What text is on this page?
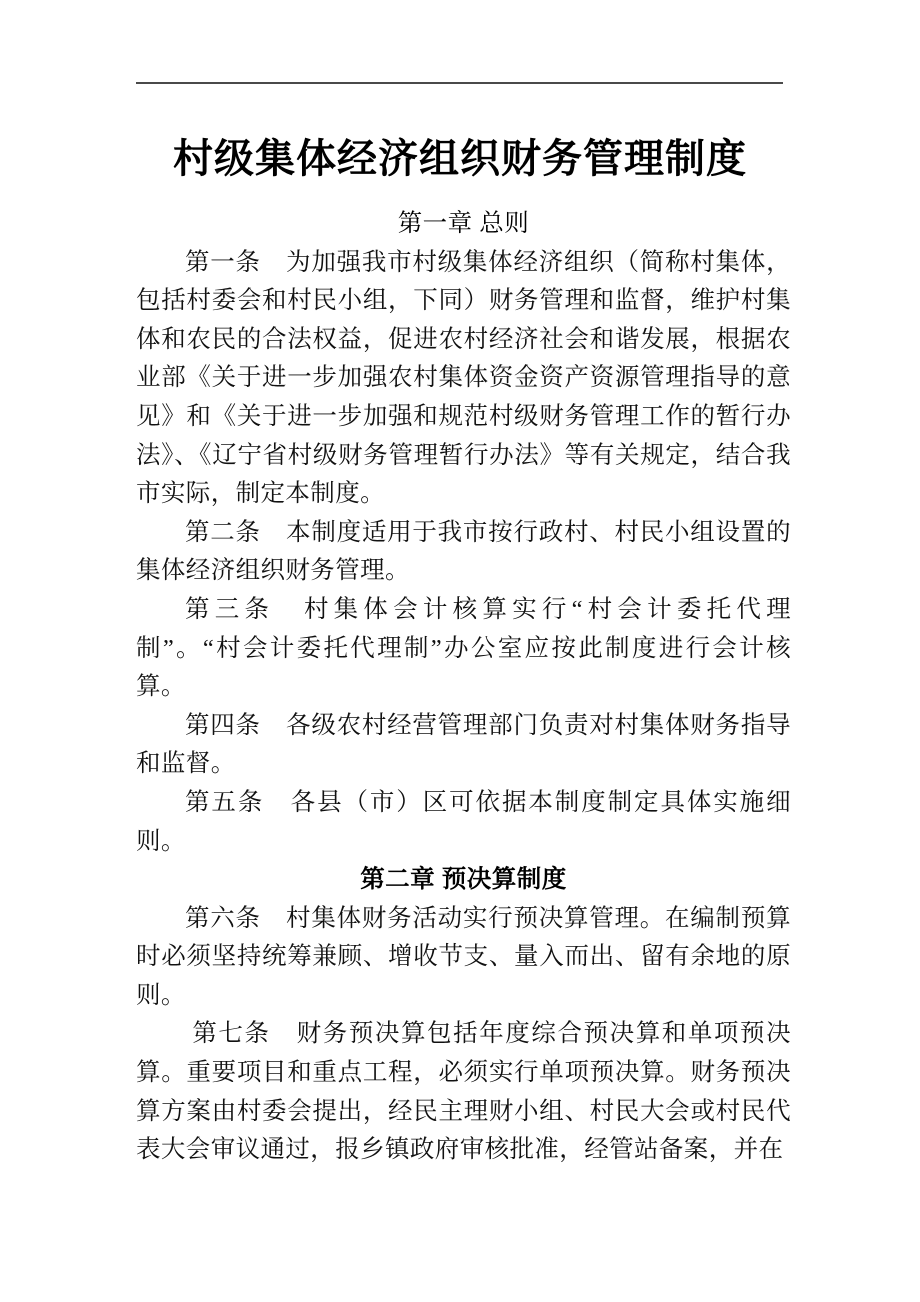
村级集体经济组织财务管理制度

第一章 总则

第一条　为加强我市村级集体经济组织（简称村集体，包括村委会和村民小组，下同）财务管理和监督，维护村集体和农民的合法权益，促进农村经济社会和谐发展，根据农业部《关于进一步加强农村集体资金资产资源管理指导的意见》和《关于进一步加强和规范村级财务管理工作的暂行办法》、《辽宁省村级财务管理暂行办法》等有关规定，结合我市实际，制定本制度。

第二条　本制度适用于我市按行政村、村民小组设置的集体经济组织财务管理。

第三条　村集体会计核算实行“村会计委托代理制”。“村会计委托代理制”办公室应按此制度进行会计核算。

第四条　各级农村经营管理部门负责对村集体财务指导和监督。

第五条　各县（市）区可依据本制度制定具体实施细则。

第二章 预决算制度

第六条　村集体财务活动实行预决算管理。在编制预算时必须坚持统筹兼顾、增收节支、量入而出、留有余地的原则。

第七条　财务预决算包括年度综合预决算和单项预决算。重要项目和重点工程，必须实行单项预决算。财务预决算方案由村委会提出，经民主理财小组、村民大会或村民代表大会审议通过，报乡镇政府审核批准，经管站备案，并在
